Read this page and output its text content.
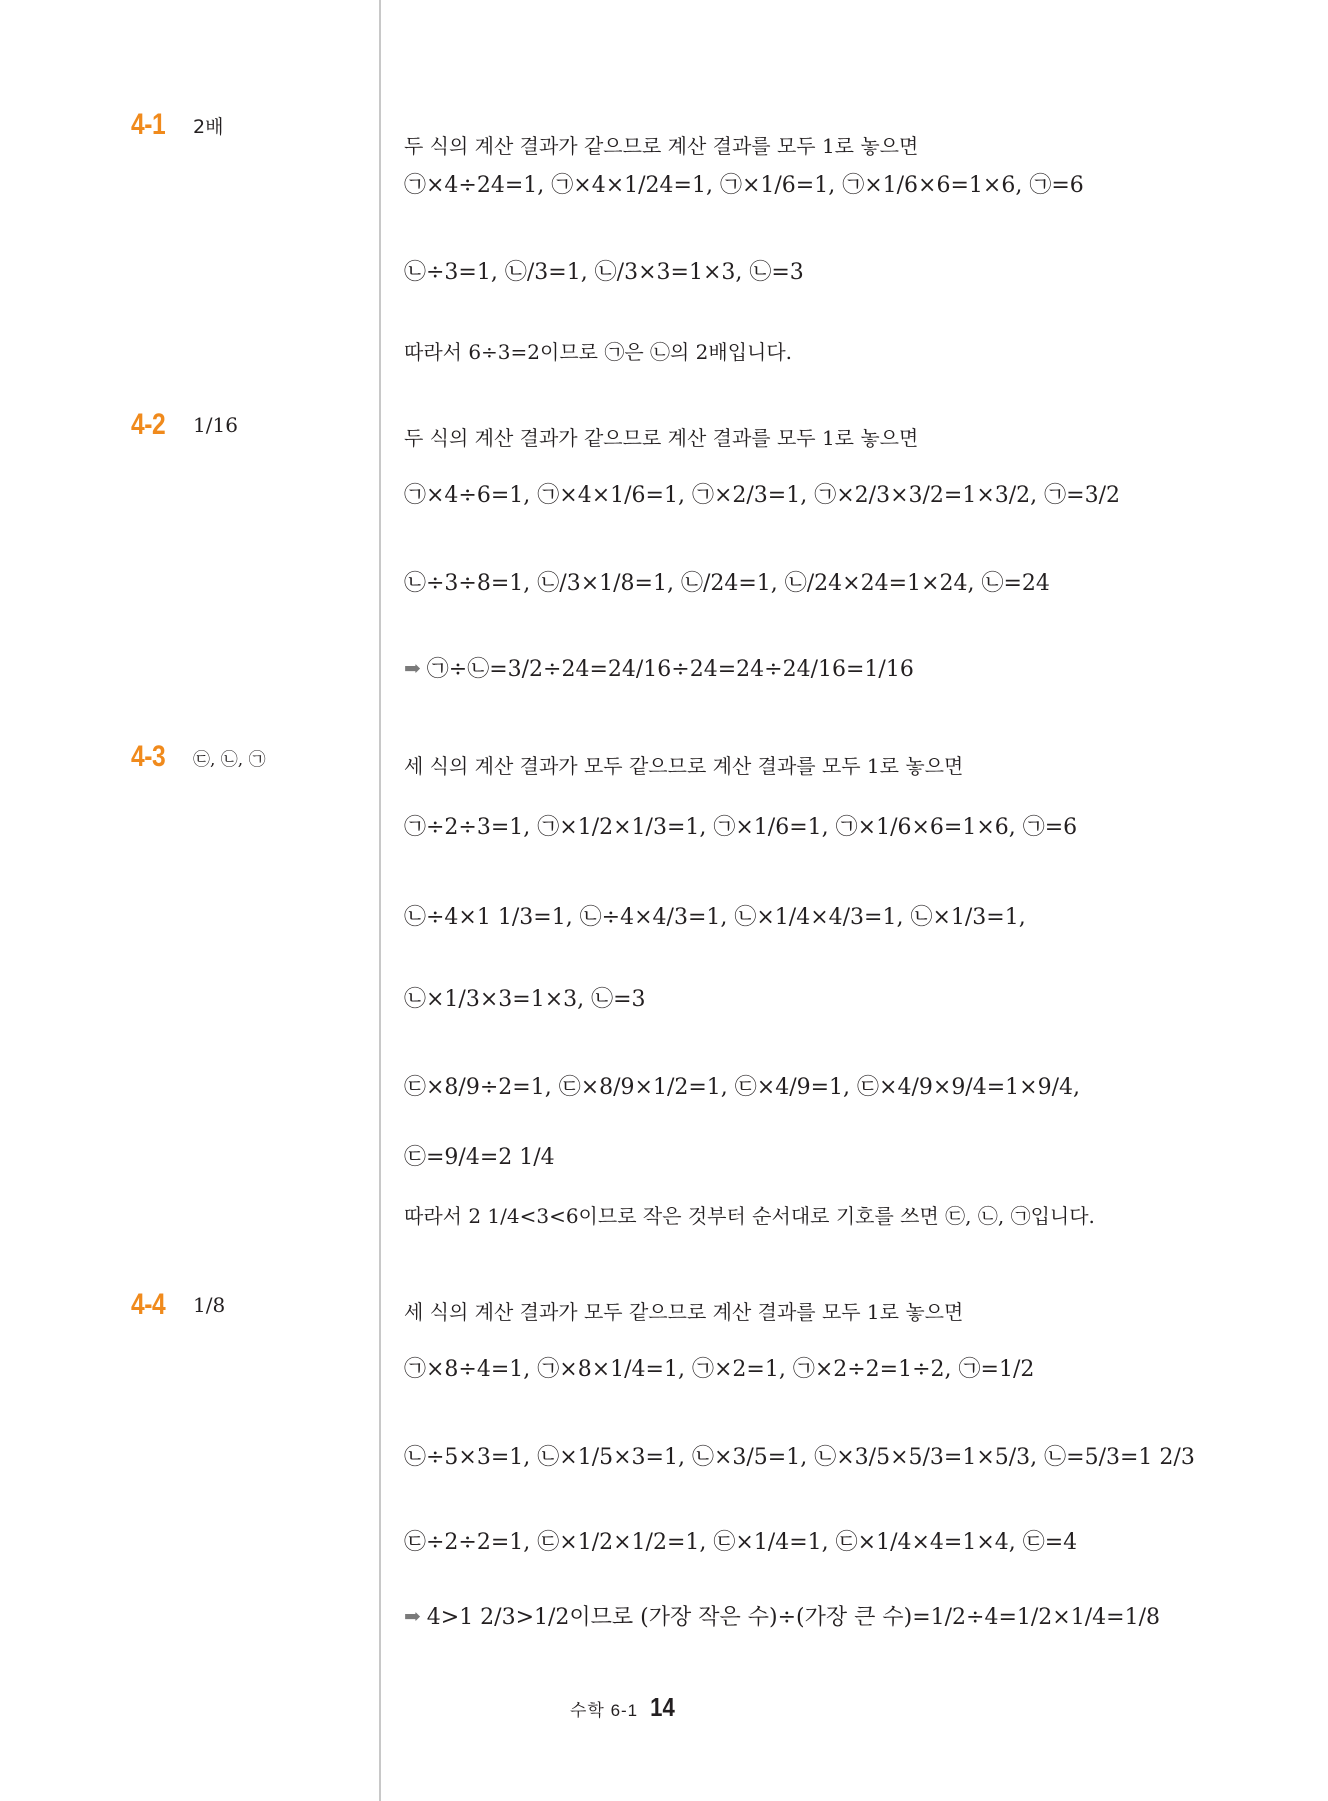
4-1	2배
두 식의 계산 결과가 같으므로 계산 결과를 모두 1로 놓으면
㉠×4÷24=1, ㉠×4×1/24=1, ㉠×1/6=1, ㉠×1/6×6=1×6, ㉠=6
㉡÷3=1, ㉡/3=1, ㉡/3×3=1×3, ㉡=3
따라서 6÷3=2이므로 ㉠은 ㉡의 2배입니다.
4-2	1/16
두 식의 계산 결과가 같으므로 계산 결과를 모두 1로 놓으면
㉠×4÷6=1, ㉠×4×1/6=1, ㉠×2/3=1, ㉠×2/3×3/2=1×3/2, ㉠=3/2
㉡÷3÷8=1, ㉡/3×1/8=1, ㉡/24=1, ㉡/24×24=1×24, ㉡=24
➡ ㉠÷㉡=3/2÷24=24/16÷24=24÷24/16=1/16
4-3	㉢, ㉡, ㉠	세 식의 계산 결과가 모두 같으므로 계산 결과를 모두 1로 놓으면
㉠÷2÷3=1, ㉠×1/2×1/3=1, ㉠×1/6=1, ㉠×1/6×6=1×6, ㉠=6
㉡÷4×1 1/3=1, ㉡÷4×4/3=1, ㉡×1/4×4/3=1, ㉡×1/3=1,
㉡×1/3×3=1×3, ㉡=3
㉢×8/9÷2=1, ㉢×8/9×1/2=1, ㉢×4/9=1, ㉢×4/9×9/4=1×9/4,
㉢=9/4=2 1/4
따라서 2 1/4<3<6이므로 작은 것부터 순서대로 기호를 쓰면 ㉢, ㉡, ㉠입니다.
4-4	1/8	세 식의 계산 결과가 모두 같으므로 계산 결과를 모두 1로 놓으면
㉠×8÷4=1, ㉠×8×1/4=1, ㉠×2=1, ㉠×2÷2=1÷2, ㉠=1/2
㉡÷5×3=1, ㉡×1/5×3=1, ㉡×3/5=1, ㉡×3/5×5/3=1×5/3, ㉡=5/3=1 2/3
㉢÷2÷2=1, ㉢×1/2×1/2=1, ㉢×1/4=1, ㉢×1/4×4=1×4, ㉢=4
➡ 4>1 2/3>1/2이므로 (가장 작은 수)÷(가장 큰 수)=1/2÷4=1/2×1/4=1/8
수학 6-1 14
